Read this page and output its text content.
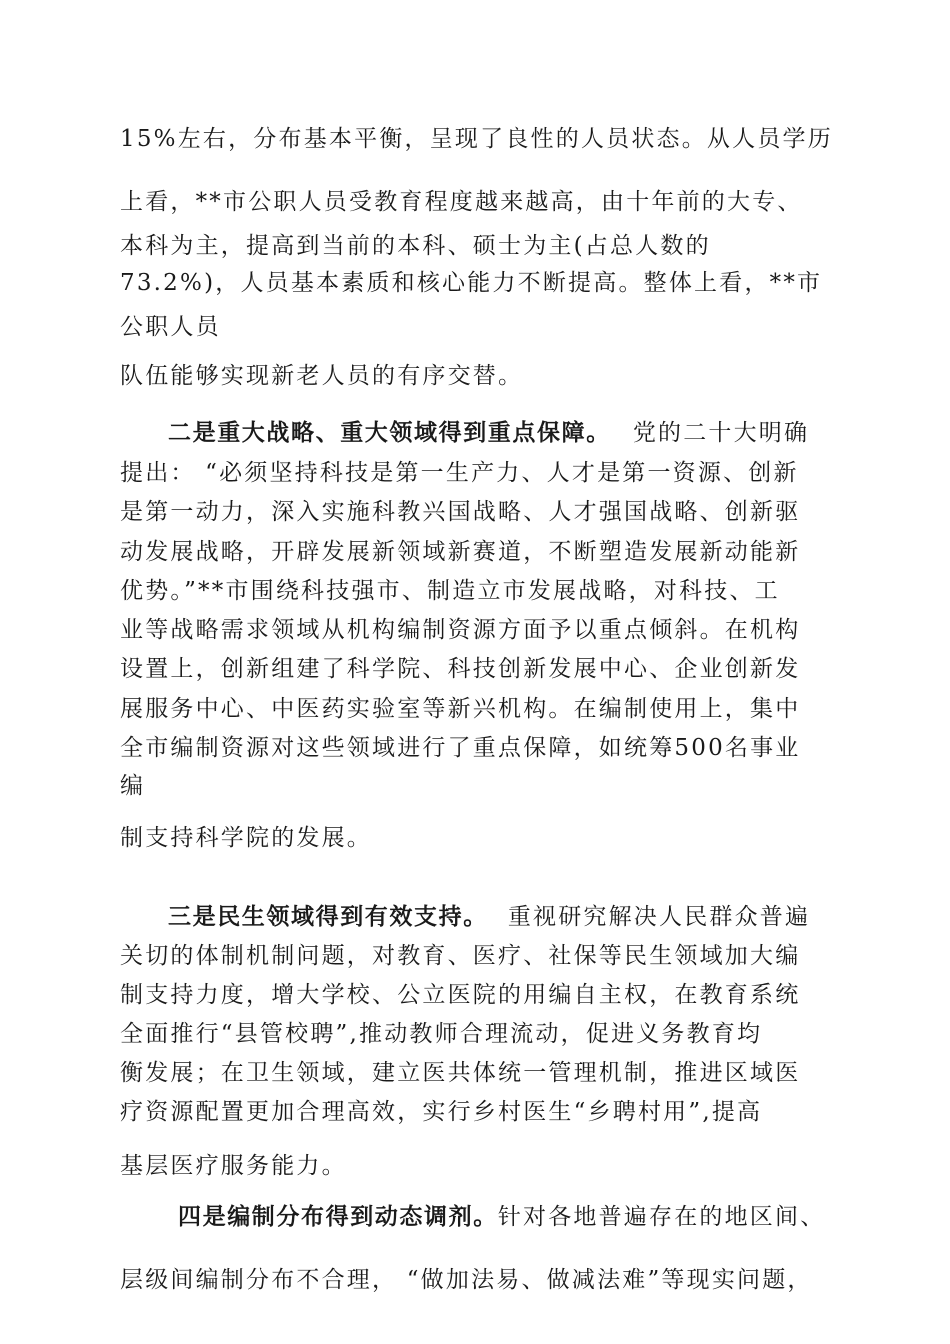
15%左右，分布基本平衡，呈现了良性的人员状态。从人员学历
上看，**市公职人员受教育程度越来越高，由十年前的大专、
本科为主，提高到当前的本科、硕士为主(占总人数的
73.2%)，人员基本素质和核心能力不断提高。整体上看，**市
公职人员
队伍能够实现新老人员的有序交替。
二是重大战略、重大领域得到重点保障。 党的二十大明确
提出： “必须坚持科技是第一生产力、人才是第一资源、创新
是第一动力，深入实施科教兴国战略、人才强国战略、创新驱
动发展战略，开辟发展新领域新赛道，不断塑造发展新动能新
优势。”**市围绕科技强市、制造立市发展战略，对科技、工
业等战略需求领域从机构编制资源方面予以重点倾斜。在机构
设置上，创新组建了科学院、科技创新发展中心、企业创新发
展服务中心、中医药实验室等新兴机构。在编制使用上，集中
全市编制资源对这些领域进行了重点保障，如统筹500名事业
编
制支持科学院的发展。
三是民生领域得到有效支持。 重视研究解决人民群众普遍
关切的体制机制问题，对教育、医疗、社保等民生领域加大编
制支持力度，增大学校、公立医院的用编自主权，在教育系统
全面推行“县管校聘”,推动教师合理流动，促进义务教育均
衡发展；在卫生领域，建立医共体统一管理机制，推进区域医
疗资源配置更加合理高效，实行乡村医生“乡聘村用”,提高
基层医疗服务能力。
四是编制分布得到动态调剂。针对各地普遍存在的地区间、
层级间编制分布不合理， “做加法易、做减法难”等现实问题，
